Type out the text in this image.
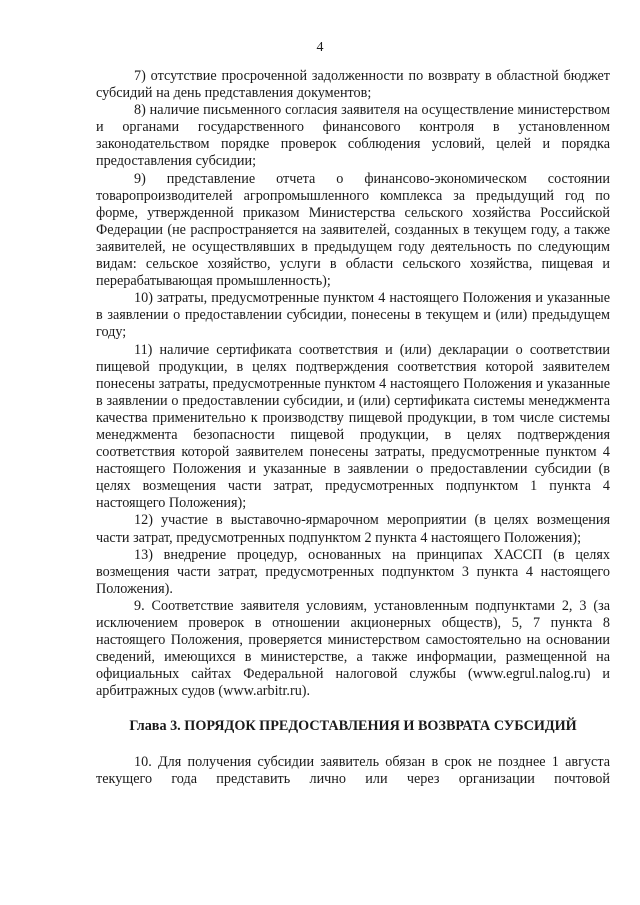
4

7) отсутствие просроченной задолженности по возврату в областной бюджет субсидий на день представления документов;

8) наличие письменного согласия заявителя на осуществление министерством и органами государственного финансового контроля в установленном законодательством порядке проверок соблюдения условий, целей и порядка предоставления субсидии;

9) представление отчета о финансово-экономическом состоянии товаропроизводителей агропромышленного комплекса за предыдущий год по форме, утвержденной приказом Министерства сельского хозяйства Российской Федерации (не распространяется на заявителей, созданных в текущем году, а также заявителей, не осуществлявших в предыдущем году деятельность по следующим видам: сельское хозяйство, услуги в области сельского хозяйства, пищевая и перерабатывающая промышленность);

10) затраты, предусмотренные пунктом 4 настоящего Положения и указанные в заявлении о предоставлении субсидии, понесены в текущем и (или) предыдущем году;

11) наличие сертификата соответствия и (или) декларации о соответствии пищевой продукции, в целях подтверждения соответствия которой заявителем понесены затраты, предусмотренные пунктом 4 настоящего Положения и указанные в заявлении о предоставлении субсидии, и (или) сертификата системы менеджмента качества применительно к производству пищевой продукции, в том числе системы менеджмента безопасности пищевой продукции, в целях подтверждения соответствия которой заявителем понесены затраты, предусмотренные пунктом 4 настоящего Положения и указанные в заявлении о предоставлении субсидии (в целях возмещения части затрат, предусмотренных подпунктом 1 пункта 4 настоящего Положения);

12) участие в выставочно-ярмарочном мероприятии (в целях возмещения части затрат, предусмотренных подпунктом 2 пункта 4 настоящего Положения);

13) внедрение процедур, основанных на принципах ХАССП (в целях возмещения части затрат, предусмотренных подпунктом 3 пункта 4 настоящего Положения).

9. Соответствие заявителя условиям, установленным подпунктами 2, 3 (за исключением проверок в отношении акционерных обществ), 5, 7 пункта 8 настоящего Положения, проверяется министерством самостоятельно на основании сведений, имеющихся в министерстве, а также информации, размещенной на официальных сайтах Федеральной налоговой службы (www.egrul.nalog.ru) и арбитражных судов (www.arbitr.ru).

Глава 3. ПОРЯДОК ПРЕДОСТАВЛЕНИЯ И ВОЗВРАТА СУБСИДИЙ

10. Для получения субсидии заявитель обязан в срок не позднее 1 августа текущего года представить лично или через организации почтовой
